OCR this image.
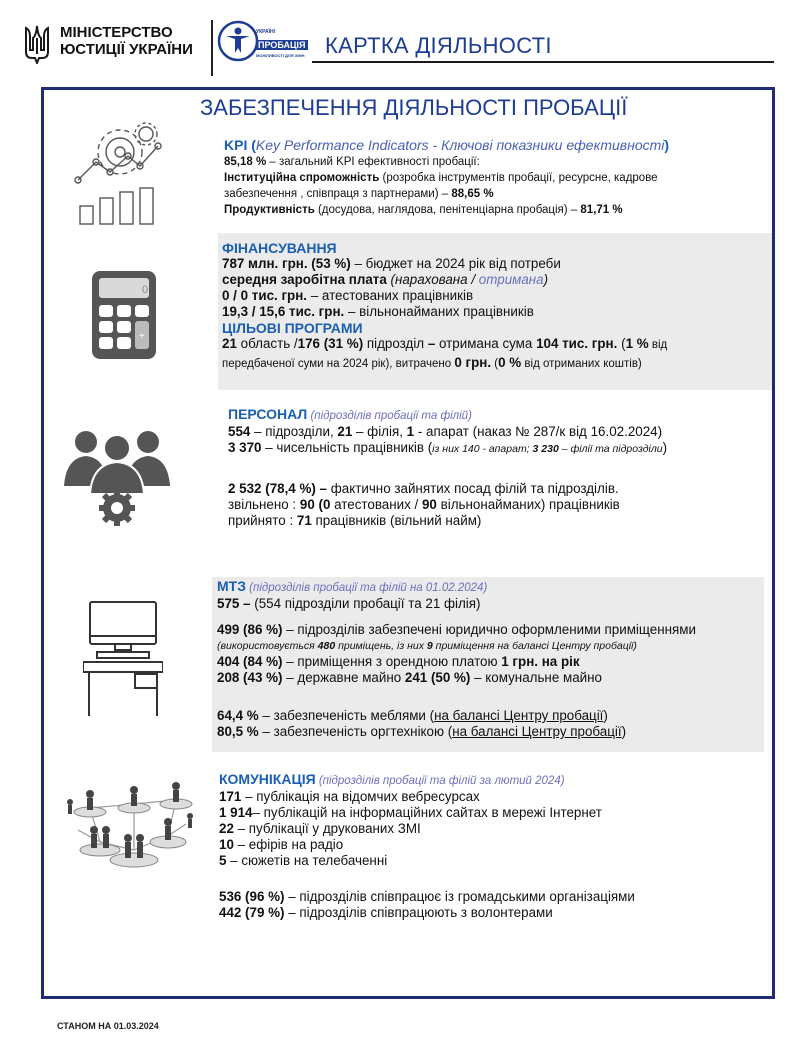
МІНІСТЕРСТВО
ЮСТИЦІЇ УКРАЇНИ
УКРАЇНІ
ПРОБАЦІЯ
МОЖЛИВОСТІ ДЛЯ ЗМІН КАРТКА ДІЯЛЬНОСТІ
ЗАБЕЗПЕЧЕННЯ ДІЯЛЬНОСТІ ПРОБАЦІЇ
0
+
KPI (Key Performance Indicators - Ключові показники ефективності)
85,18 % – загальний KPI ефективності пробації:
Інституційна спроможність (розробка інструментів пробації, ресурсне, кадрове
забезпечення , співпраця з партнерами) – 88,65 %
Продуктивність (досудова, наглядова, пенітенціарна пробація) – 81,71 %
ФІНАНСУВАННЯ
787 млн. грн. (53 %) – бюджет на 2024 рік від потреби
середня заробітна плата (нарахована / отримана)
0 / 0 тис. грн. – атестованих працівників
19,3 / 15,6 тис. грн. – вільнонайманих працівників
ЦІЛЬОВІ ПРОГРАМИ
21 область /176 (31 %) підрозділ – отримана сума 104 тис. грн. (1 % від
передбаченої суми на 2024 рік), витрачено 0 грн. (0 % від отриманих коштів)
ПЕРСОНАЛ (підрозділів пробації та філій)
554 – підрозділи, 21 – філія, 1 - апарат (наказ № 287/к від 16.02.2024)
3 370 – чисельність працівників (із них 140 - апарат; 3 230 – філії та підрозділи)
2 532 (78,4 %) – фактично зайнятих посад філій та підрозділів.
звільнено : 90 (0 атестованих / 90 вільнонайманих) працівників
прийнято : 71 працівників (вільний найм)
МТЗ (підрозділів пробації та філій на 01.02.2024)
575 – (554 підрозділи пробації та 21 філія)
499 (86 %) – підрозділів забезпечені юридично оформленими приміщеннями
(використовується 480 приміщень, із них 9 приміщення на балансі Центру пробації)
404 (84 %) – приміщення з орендною платою 1 грн. на рік
208 (43 %) – державне майно 241 (50 %) – комунальне майно
64,4 % – забезпеченість меблями (на балансі Центру пробації)
80,5 % – забезпеченість оргтехнікою (на балансі Центру пробації)
КОМУНІКАЦІЯ (підрозділів пробації та філій за лютий 2024)
171 – публікація на відомчих вебресурсах
1 914– публікацій на інформаційних сайтах в мережі Інтернет
22 – публікації у друкованих ЗМІ
10 – ефірів на радіо
5 – сюжетів на телебаченні
536 (96 %) – підрозділів співпрацює із громадськими організаціями
442 (79 %) – підрозділів співпрацюють з волонтерами
СТАНОМ НА 01.03.2024
